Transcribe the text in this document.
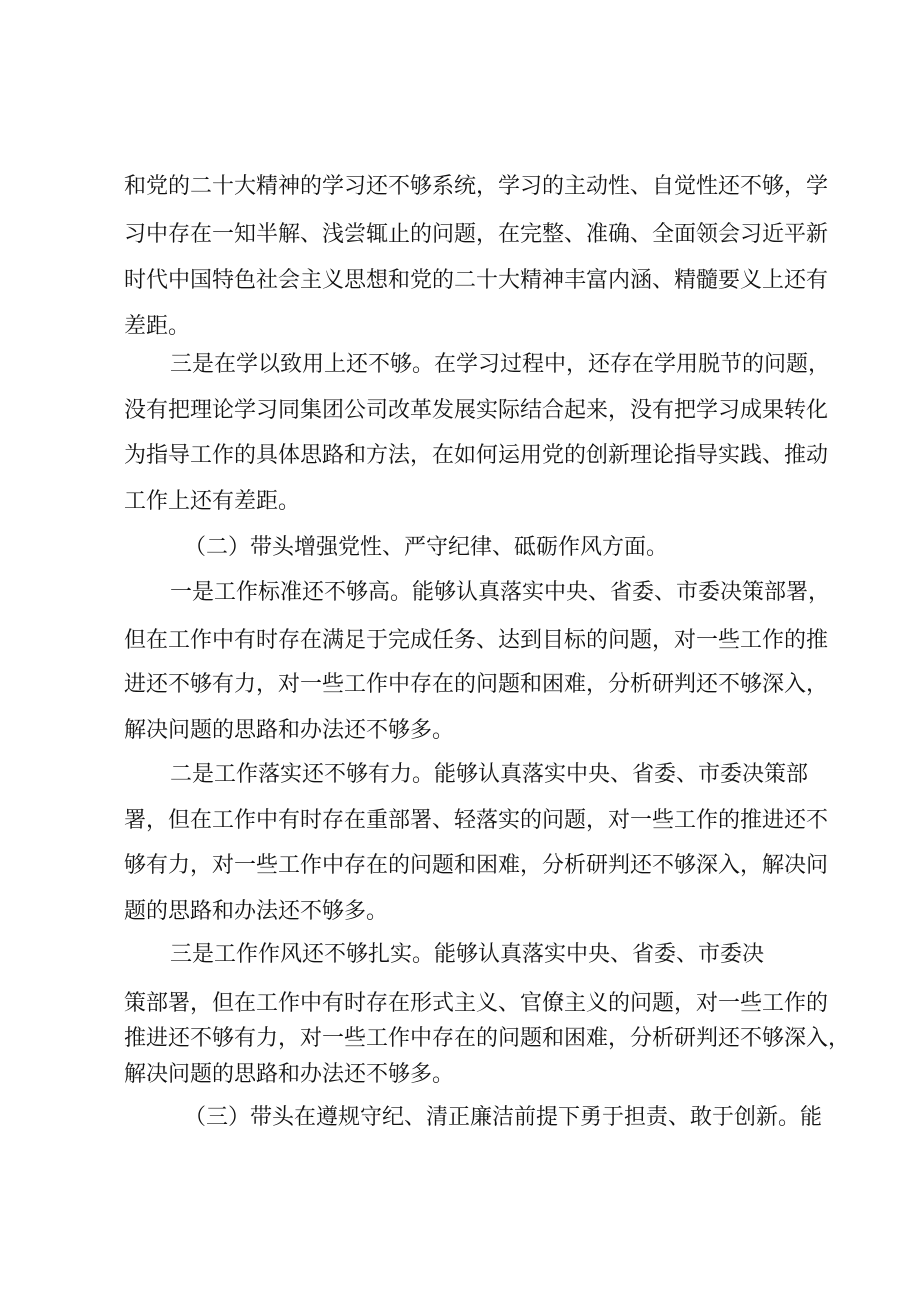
和党的二十大精神的学习还不够系统，学习的主动性、自觉性还不够，学
习中存在一知半解、浅尝辄止的问题，在完整、准确、全面领会习近平新
时代中国特色社会主义思想和党的二十大精神丰富内涵、精髓要义上还有
差距。
三是在学以致用上还不够。在学习过程中，还存在学用脱节的问题，
没有把理论学习同集团公司改革发展实际结合起来，没有把学习成果转化
为指导工作的具体思路和方法，在如何运用党的创新理论指导实践、推动
工作上还有差距。
（二）带头增强党性、严守纪律、砥砺作风方面。
一是工作标准还不够高。能够认真落实中央、省委、市委决策部署，
但在工作中有时存在满足于完成任务、达到目标的问题，对一些工作的推
进还不够有力，对一些工作中存在的问题和困难，分析研判还不够深入，
解决问题的思路和办法还不够多。
二是工作落实还不够有力。能够认真落实中央、省委、市委决策部
署，但在工作中有时存在重部署、轻落实的问题，对一些工作的推进还不
够有力，对一些工作中存在的问题和困难，分析研判还不够深入，解决问
题的思路和办法还不够多。
三是工作作风还不够扎实。能够认真落实中央、省委、市委决
策部署，但在工作中有时存在形式主义、官僚主义的问题，对一些工作的
推进还不够有力，对一些工作中存在的问题和困难，分析研判还不够深入，
解决问题的思路和办法还不够多。
（三）带头在遵规守纪、清正廉洁前提下勇于担责、敢于创新。能
